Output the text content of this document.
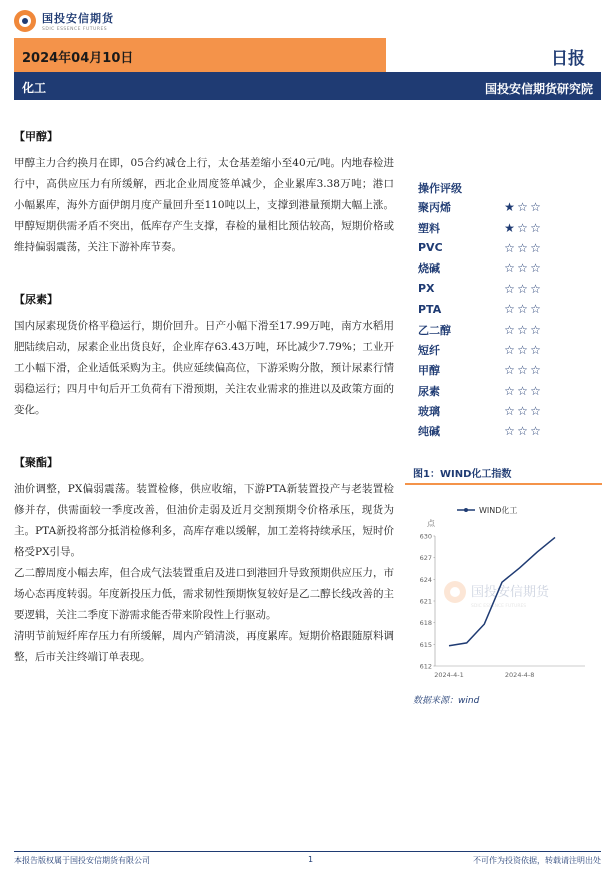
国投安信期货
SDIC ESSENCE FUTURES
2024年04月10日	日报
化工	国投安信期货研究院
【甲醇】

甲醇主力合约换月在即，05合约减仓上行，太仓基差缩小至40元/吨。内地春检进行中，高供应压力有所缓解，西北企业周度签单减少，企业累库3.38万吨；港口小幅累库，海外方面伊朗月度产量回升至110吨以上，支撑到港量预期大幅上涨。甲醇短期供需矛盾不突出，低库存产生支撑，春检的量相比预估较高，短期价格或维持偏弱震荡，关注下游补库节奏。

【尿素】

国内尿素现货价格平稳运行，期价回升。日产小幅下滑至17.99万吨，南方水稻用肥陆续启动，尿素企业出货良好，企业库存63.43万吨，环比减少7.79%；工业开工小幅下滑，企业适低采购为主。供应延续偏高位，下游采购分散，预计尿素行情弱稳运行；四月中旬后开工负荷有下滑预期，关注农业需求的推进以及政策方面的变化。

【聚酯】

油价调整，PX偏弱震荡。装置检修，供应收缩，下游PTA新装置投产与老装置检修并存，供需面较一季度改善，但油价走弱及近月交割预期令价格承压，现货为主。PTA新投将部分抵消检修利多，高库存难以缓解，加工差将持续承压，短时价格受PX引导。

乙二醇周度小幅去库，但合成气法装置重启及进口到港回升导致预期供应压力，市场心态再度转弱。年度新投压力低，需求韧性预期恢复较好是乙二醇长线改善的主要逻辑，关注二季度下游需求能否带来阶段性上行驱动。

清明节前短纤库存压力有所缓解，周内产销清淡，再度累库。短期价格跟随原料调整，后市关注终端订单表现。

操作评级
聚丙烯	★ ☆ ☆
塑料	★ ☆ ☆
PVC	☆ ☆ ☆
烧碱	☆ ☆ ☆
PX	☆ ☆ ☆
PTA	☆ ☆ ☆
乙二醇	☆ ☆ ☆
短纤	☆ ☆ ☆
甲醇	☆ ☆ ☆
尿素	☆ ☆ ☆
玻璃	☆ ☆ ☆
纯碱	☆ ☆ ☆
图1：WIND化工指数
国投安信期货
SDIC ESSENCE FUTURES
点
WIND化工
612
615
618
621
624
627
630
2024-4-1	2024-4-8
数据来源：wind
本报告版权属于国投安信期货有限公司	1	不可作为投资依据，转载请注明出处
